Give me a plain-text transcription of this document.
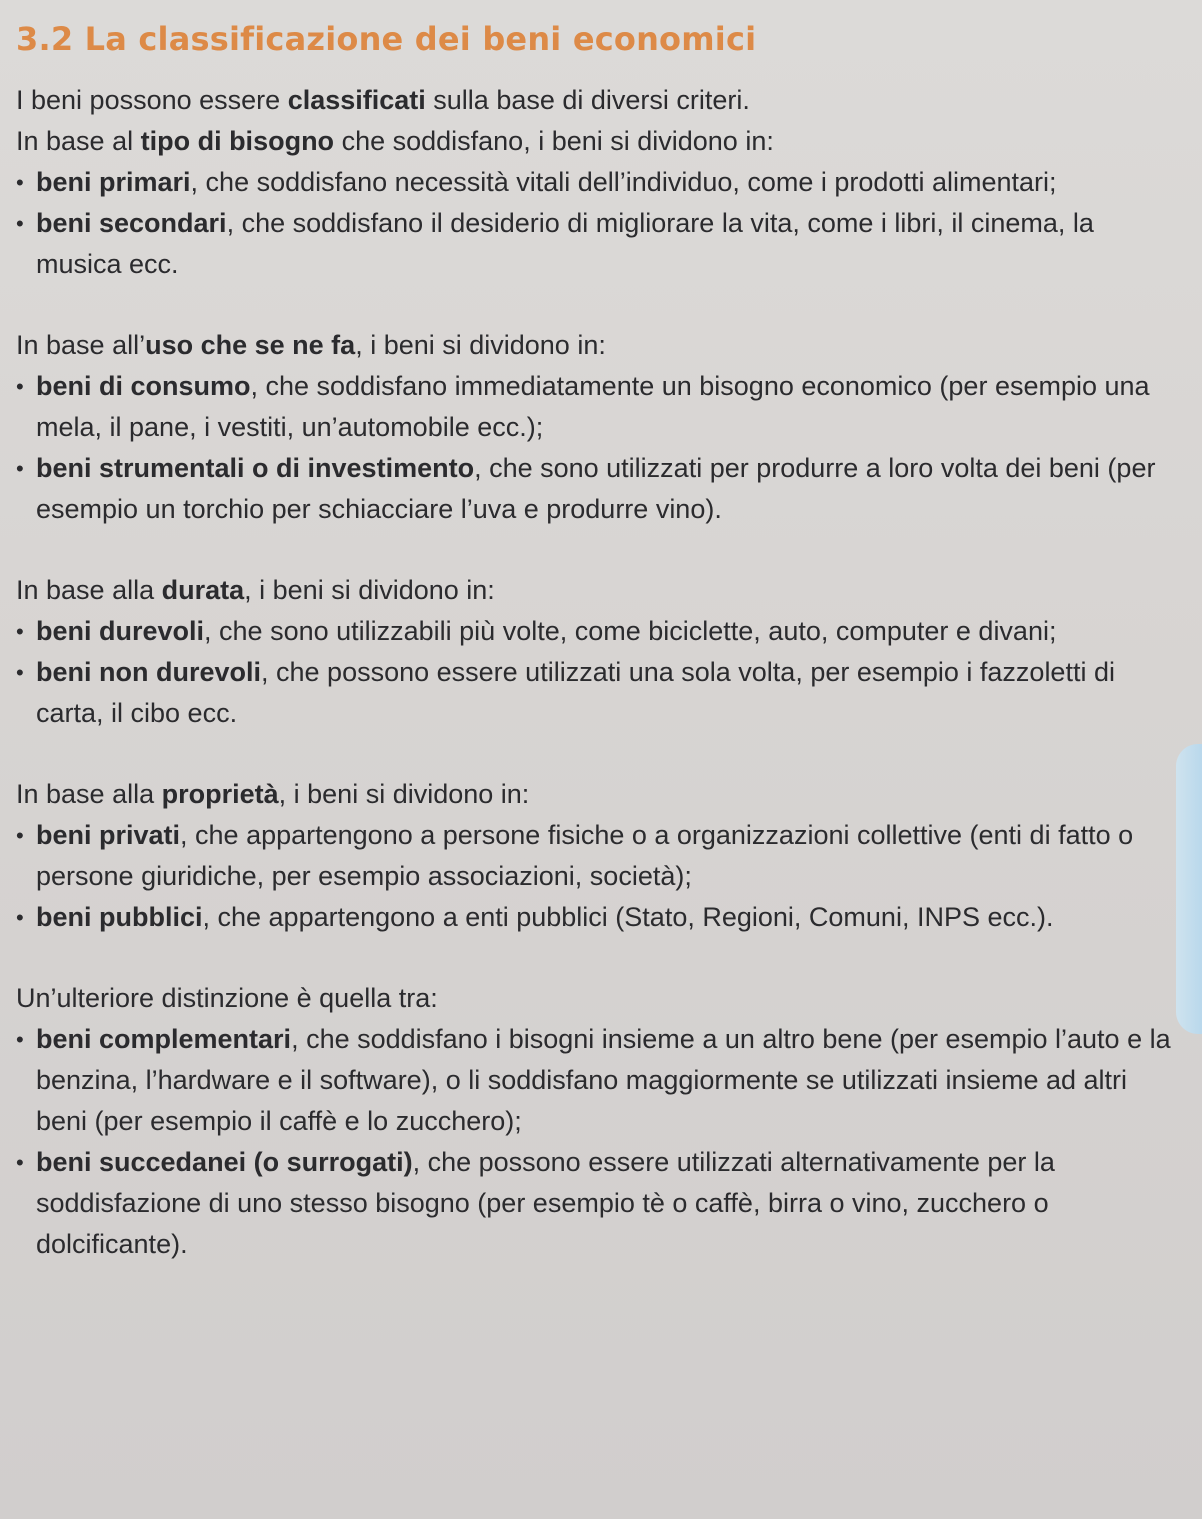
3.2 La classificazione dei beni economici

I beni possono essere classificati sulla base di diversi criteri.

In base al tipo di bisogno che soddisfano, i beni si dividono in:

• beni primari, che soddisfano necessità vitali dell’individuo, come i prodotti alimentari;
• beni secondari, che soddisfano il desiderio di migliorare la vita, come i libri, il cinema, la musica ecc.

In base all’uso che se ne fa, i beni si dividono in:

• beni di consumo, che soddisfano immediatamente un bisogno economico (per esempio una mela, il pane, i vestiti, un’automobile ecc.);
• beni strumentali o di investimento, che sono utilizzati per produrre a loro volta dei beni (per esempio un torchio per schiacciare l’uva e produrre vino).

In base alla durata, i beni si dividono in:

• beni durevoli, che sono utilizzabili più volte, come biciclette, auto, computer e divani;
• beni non durevoli, che possono essere utilizzati una sola volta, per esempio i fazzoletti di carta, il cibo ecc.

In base alla proprietà, i beni si dividono in:

• beni privati, che appartengono a persone fisiche o a organizzazioni collettive (enti di fatto o persone giuridiche, per esempio associazioni, società);
• beni pubblici, che appartengono a enti pubblici (Stato, Regioni, Comuni, INPS ecc.).

Un’ulteriore distinzione è quella tra:

• beni complementari, che soddisfano i bisogni insieme a un altro bene (per esempio l’auto e la benzina, l’hardware e il software), o li soddisfano maggiormente se utilizzati insieme ad altri beni (per esempio il caffè e lo zucchero);
• beni succedanei (o surrogati), che possono essere utilizzati alternativamente per la soddisfazione di uno stesso bisogno (per esempio tè o caffè, birra o vino, zucchero o dolcificante).
